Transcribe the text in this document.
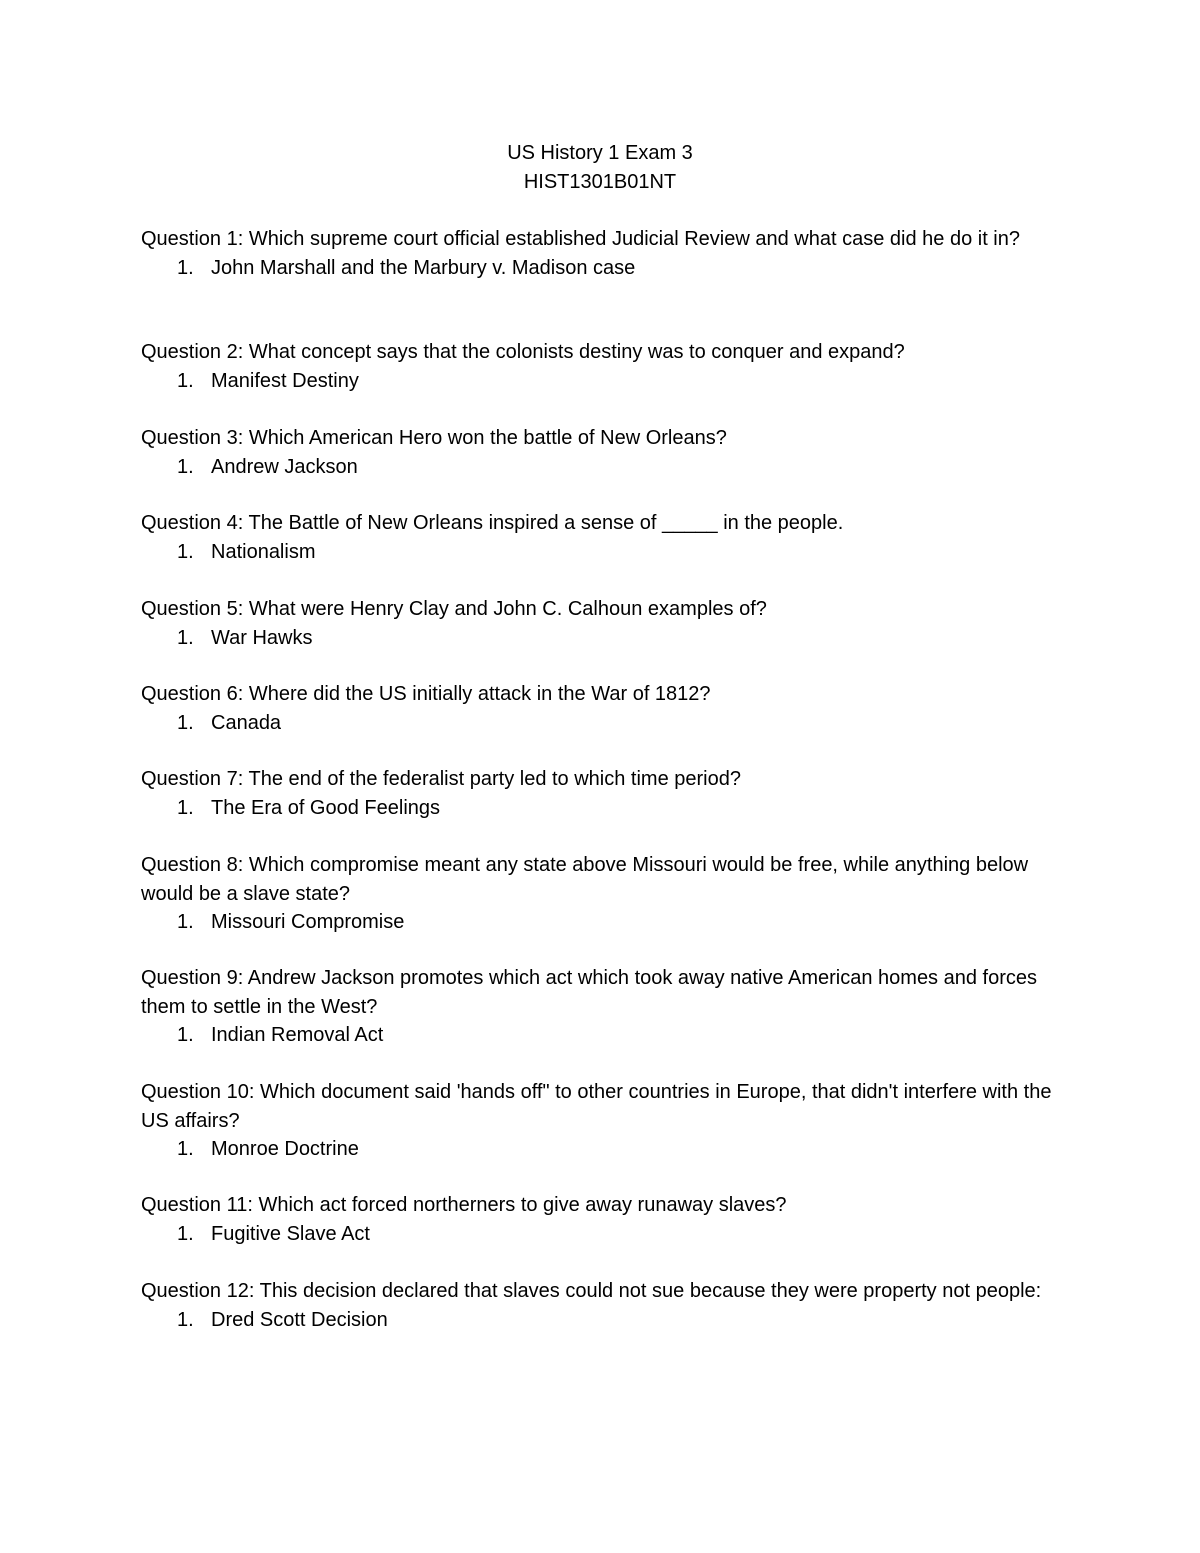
US History 1 Exam 3
HIST1301B01NT

Question 1: Which supreme court official established Judicial Review and what case did he do it in?

1. John Marshall and the Marbury v. Madison case

Question 2: What concept says that the colonists destiny was to conquer and expand?

1. Manifest Destiny

Question 3: Which American Hero won the battle of New Orleans?

1. Andrew Jackson

Question 4: The Battle of New Orleans inspired a sense of _____ in the people.

1. Nationalism

Question 5: What were Henry Clay and John C. Calhoun examples of?

1. War Hawks

Question 6: Where did the US initially attack in the War of 1812?

1. Canada

Question 7: The end of the federalist party led to which time period?

1. The Era of Good Feelings

Question 8: Which compromise meant any state above Missouri would be free, while anything below would be a slave state?

1. Missouri Compromise

Question 9: Andrew Jackson promotes which act which took away native American homes and forces them to settle in the West?

1. Indian Removal Act

Question 10: Which document said 'hands off" to other countries in Europe, that didn't interfere with the US affairs?

1. Monroe Doctrine

Question 11: Which act forced northerners to give away runaway slaves?

1. Fugitive Slave Act

Question 12: This decision declared that slaves could not sue because they were property not people:

1. Dred Scott Decision
